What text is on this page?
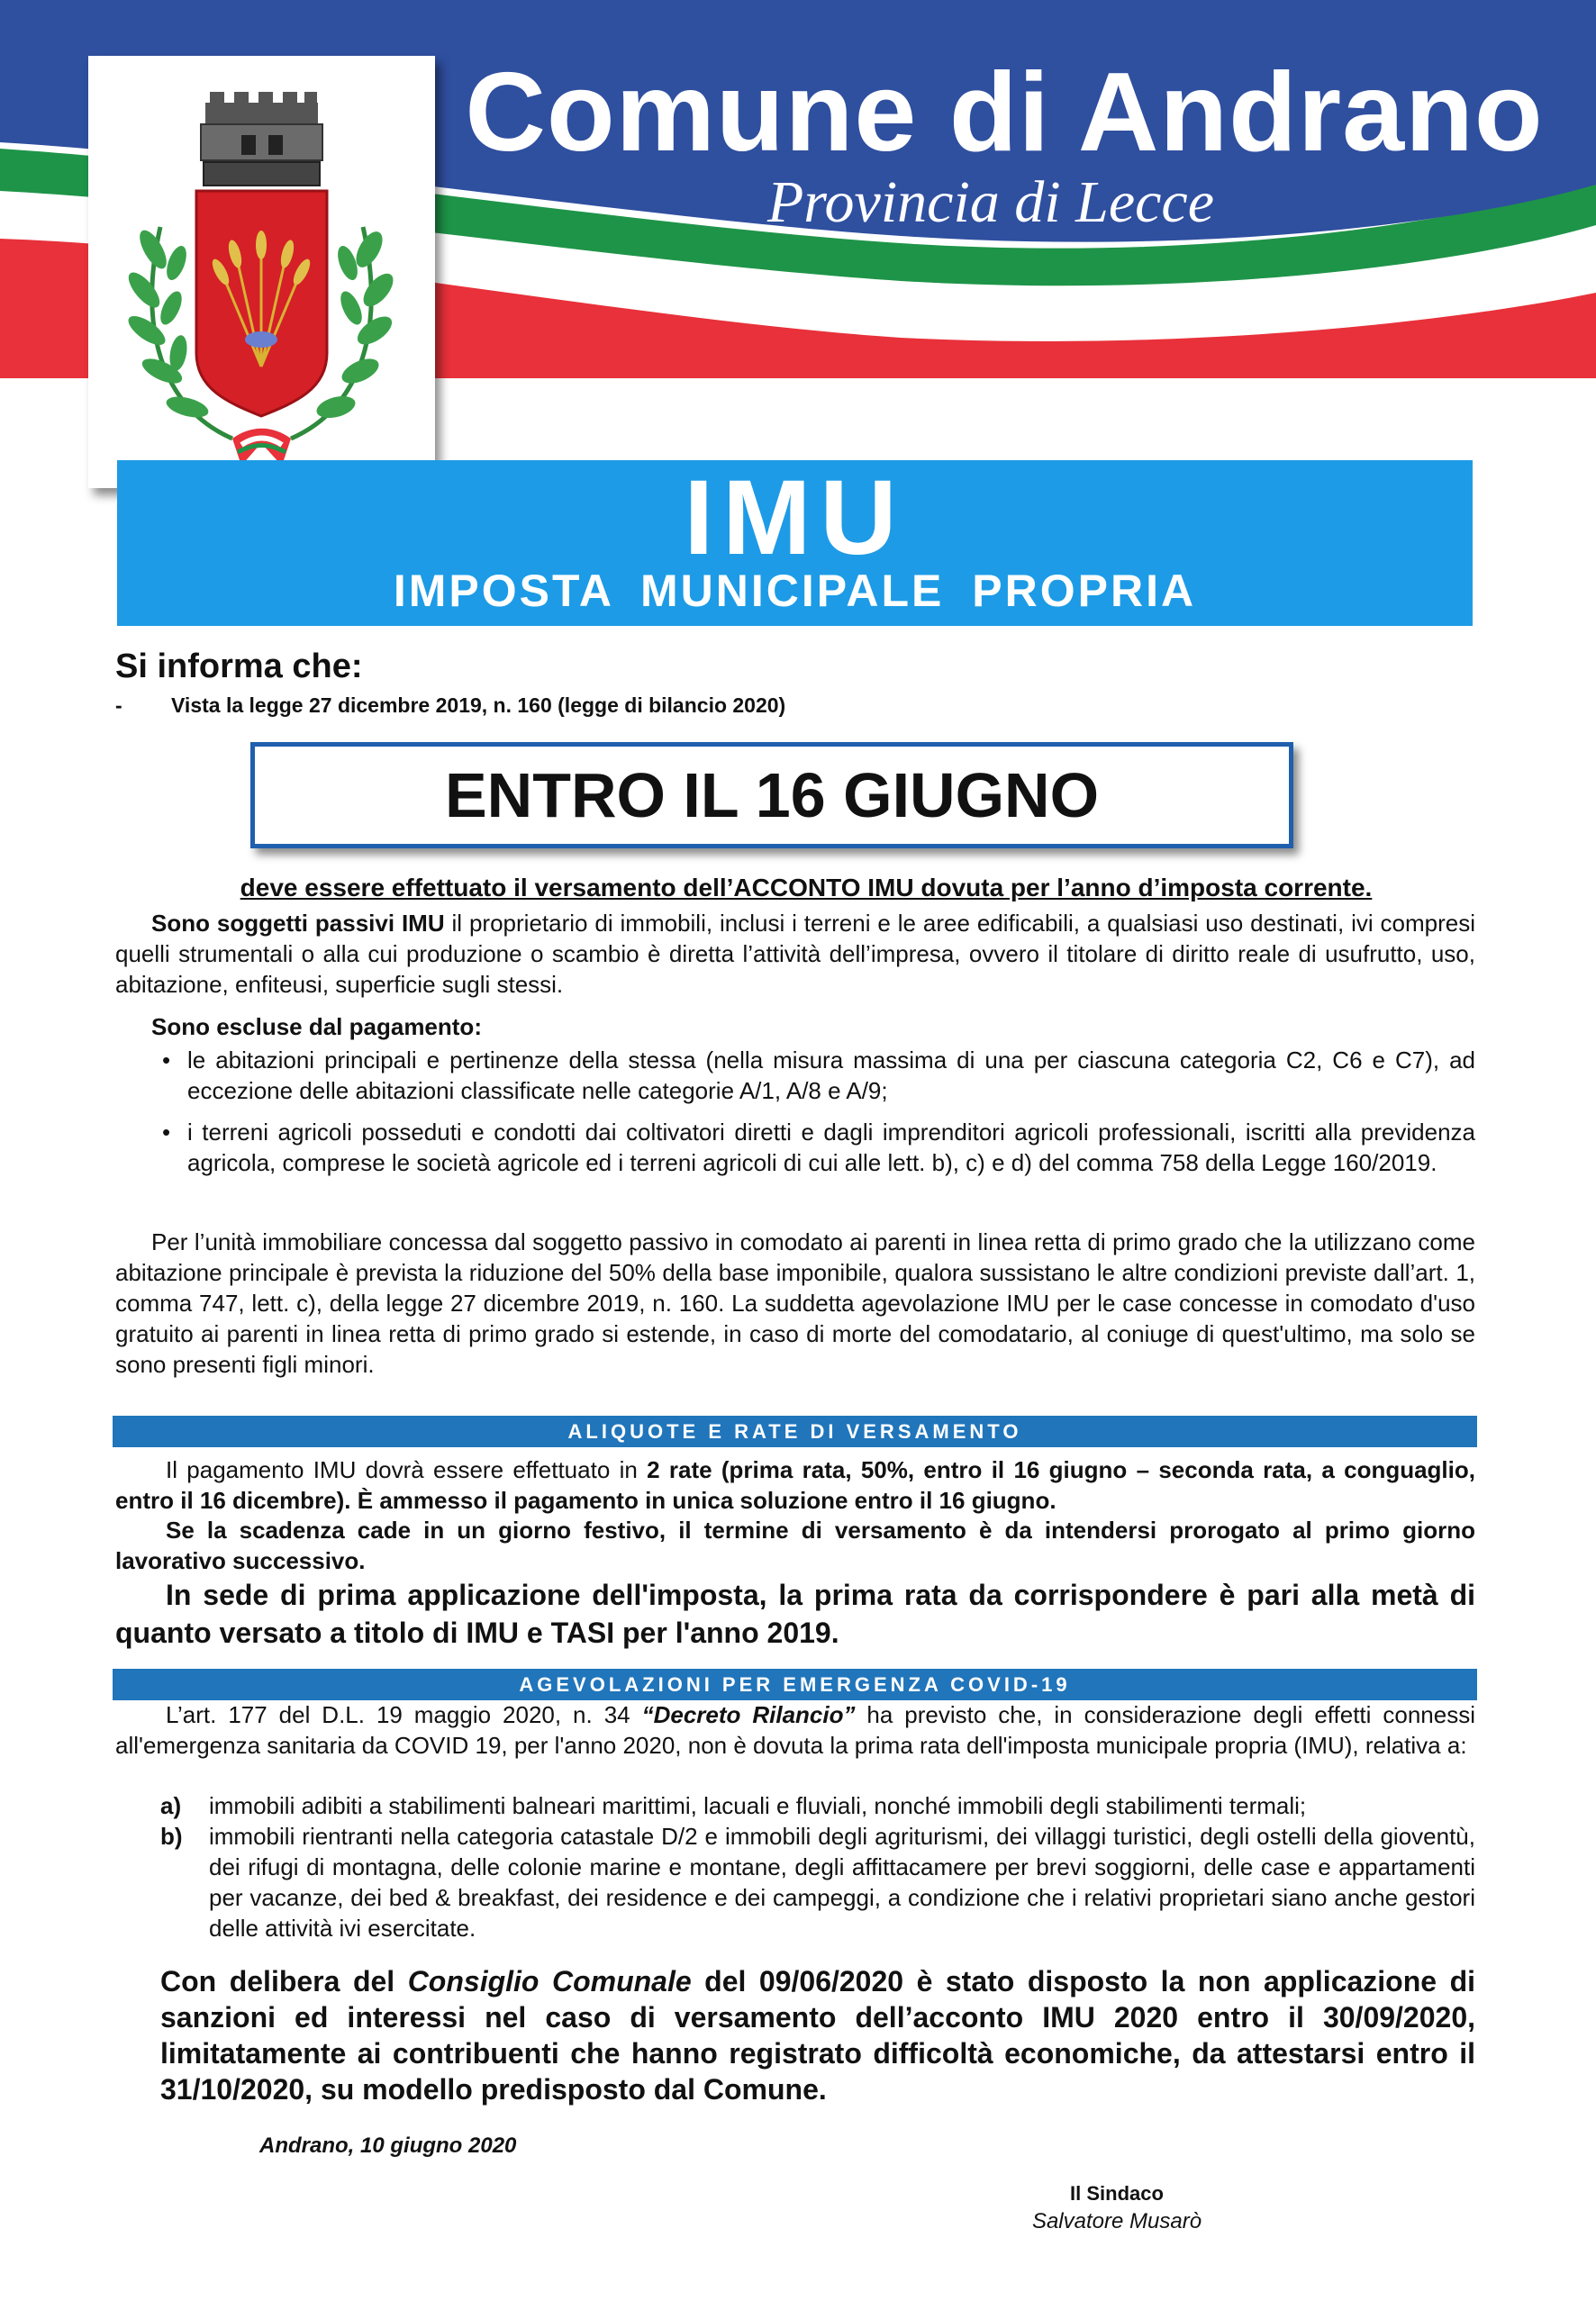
Comune di Andrano
Provincia di Lecce
IMU
IMPOSTA MUNICIPALE PROPRIA
Si informa che:
- Vista la legge 27 dicembre 2019, n. 160 (legge di bilancio 2020)
ENTRO IL 16 GIUGNO
deve essere effettuato il versamento dell’ACCONTO IMU dovuta per l’anno d’imposta corrente.
Sono soggetti passivi IMU il proprietario di immobili, inclusi i terreni e le aree edificabili, a qualsiasi uso destinati, ivi compresi quelli strumentali o alla cui produzione o scambio è diretta l’attività dell’impresa, ovvero il titolare di diritto reale di usufrutto, uso, abitazione, enfiteusi, superficie sugli stessi.
Sono escluse dal pagamento:
• le abitazioni principali e pertinenze della stessa (nella misura massima di una per ciascuna categoria C2, C6 e C7), ad eccezione delle abitazioni classificate nelle categorie A/1, A/8 e A/9;
• i terreni agricoli posseduti e condotti dai coltivatori diretti e dagli imprenditori agricoli professionali, iscritti alla previdenza agricola, comprese le società agricole ed i terreni agricoli di cui alle lett. b), c) e d) del comma 758 della Legge 160/2019.
Per l’unità immobiliare concessa dal soggetto passivo in comodato ai parenti in linea retta di primo grado che la utilizzano come abitazione principale è prevista la riduzione del 50% della base imponibile, qualora sussistano le altre condizioni previste dall’art. 1, comma 747, lett. c), della legge 27 dicembre 2019, n. 160. La suddetta agevolazione IMU per le case concesse in comodato d'uso gratuito ai parenti in linea retta di primo grado si estende, in caso di morte del comodatario, al coniuge di quest'ultimo, ma solo se sono presenti figli minori.
ALIQUOTE E RATE DI VERSAMENTO
Il pagamento IMU dovrà essere effettuato in 2 rate (prima rata, 50%, entro il 16 giugno – seconda rata, a conguaglio, entro il 16 dicembre). È ammesso il pagamento in unica soluzione entro il 16 giugno.
Se la scadenza cade in un giorno festivo, il termine di versamento è da intendersi prorogato al primo giorno lavorativo successivo.
In sede di prima applicazione dell'imposta, la prima rata da corrispondere è pari alla metà di quanto versato a titolo di IMU e TASI per l'anno 2019.
AGEVOLAZIONI PER EMERGENZA COVID-19
L’art. 177 del D.L. 19 maggio 2020, n. 34 “Decreto Rilancio” ha previsto che, in considerazione degli effetti connessi all'emergenza sanitaria da COVID 19, per l'anno 2020, non è dovuta la prima rata dell'imposta municipale propria (IMU), relativa a:
a) immobili adibiti a stabilimenti balneari marittimi, lacuali e fluviali, nonché immobili degli stabilimenti termali;
b) immobili rientranti nella categoria catastale D/2 e immobili degli agriturismi, dei villaggi turistici, degli ostelli della gioventù, dei rifugi di montagna, delle colonie marine e montane, degli affittacamere per brevi soggiorni, delle case e appartamenti per vacanze, dei bed & breakfast, dei residence e dei campeggi, a condizione che i relativi proprietari siano anche gestori delle attività ivi esercitate.
Con delibera del Consiglio Comunale del 09/06/2020 è stato disposto la non applicazione di sanzioni ed interessi nel caso di versamento dell’acconto IMU 2020 entro il 30/09/2020, limitatamente ai contribuenti che hanno registrato difficoltà economiche, da attestarsi entro il 31/10/2020, su modello predisposto dal Comune.
Andrano, 10 giugno 2020
Il Sindaco
Salvatore Musarò
